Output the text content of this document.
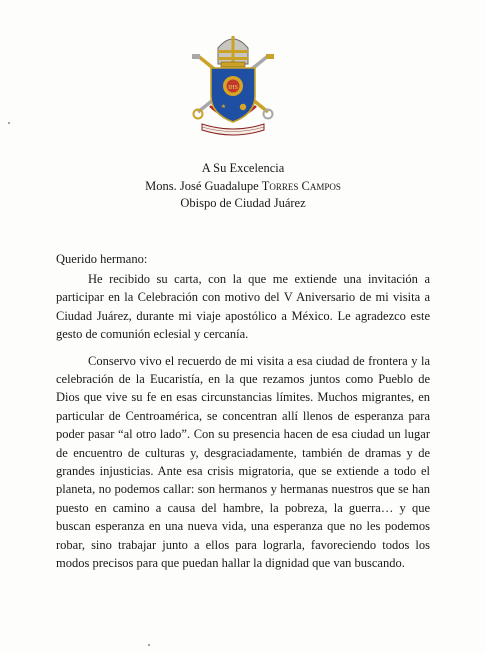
IHS
A Su Excelencia
Mons. José Guadalupe Torres Campos
Obispo de Ciudad Juárez
Querido hermano:

He recibido su carta, con la que me extiende una invitación a participar en la Celebración con motivo del V Aniversario de mi visita a Ciudad Juárez, durante mi viaje apostólico a México. Le agradezco este gesto de comunión eclesial y cercanía.

Conservo vivo el recuerdo de mi visita a esa ciudad de frontera y la celebración de la Eucaristía, en la que rezamos juntos como Pueblo de Dios que vive su fe en esas circunstancias límites. Muchos migrantes, en particular de Centroamérica, se concentran allí llenos de esperanza para poder pasar “al otro lado”. Con su presencia hacen de esa ciudad un lugar de encuentro de culturas y, desgraciadamente, también de dramas y de grandes injusticias. Ante esa crisis migratoria, que se extiende a todo el planeta, no podemos callar: son hermanos y hermanas nuestros que se han puesto en camino a causa del hambre, la pobreza, la guerra… y que buscan esperanza en una nueva vida, una esperanza que no les podemos robar, sino trabajar junto a ellos para lograrla, favoreciendo todos los modos precisos para que puedan hallar la dignidad que van buscando.
